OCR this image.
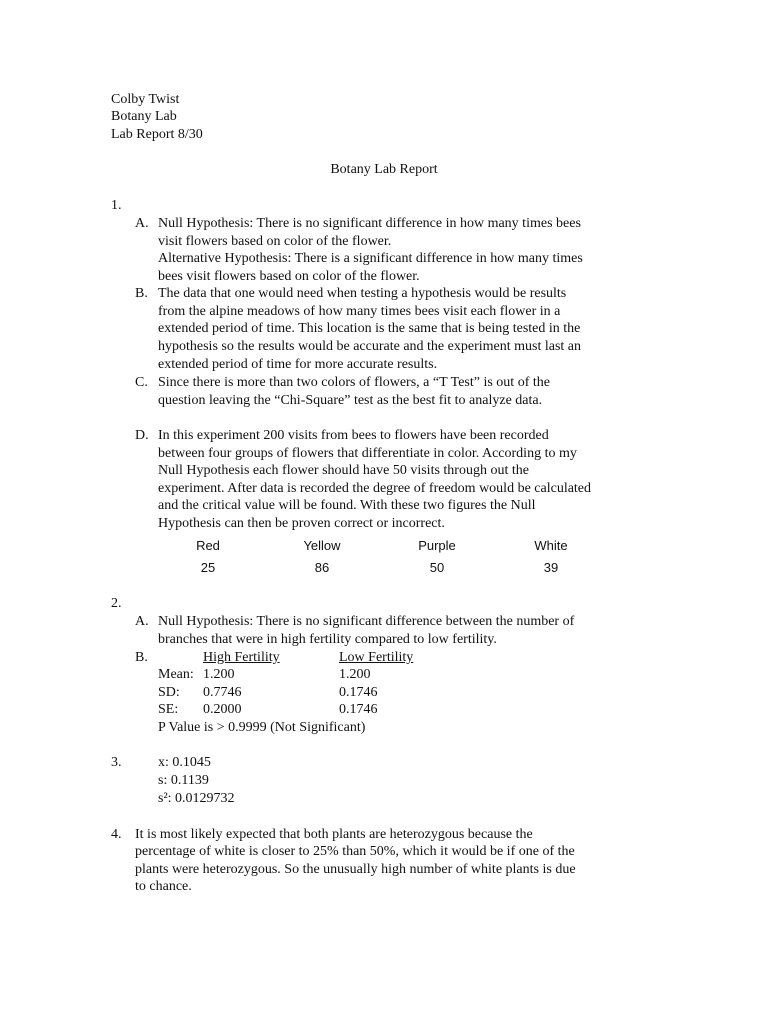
Colby Twist
Botany Lab
Lab Report 8/30
Botany Lab Report
1.
A. Null Hypothesis: There is no significant difference in how many times bees
visit flowers based on color of the flower.
Alternative Hypothesis: There is a significant difference in how many times
bees visit flowers based on color of the flower.
B. The data that one would need when testing a hypothesis would be results
from the alpine meadows of how many times bees visit each flower in a
extended period of time. This location is the same that is being tested in the
hypothesis so the results would be accurate and the experiment must last an
extended period of time for more accurate results.
C. Since there is more than two colors of flowers, a “T Test” is out of the
question leaving the “Chi-Square” test as the best fit to analyze data.
D. In this experiment 200 visits from bees to flowers have been recorded
between four groups of flowers that differentiate in color. According to my
Null Hypothesis each flower should have 50 visits through out the
experiment. After data is recorded the degree of freedom would be calculated
and the critical value will be found. With these two figures the Null
Hypothesis can then be proven correct or incorrect.
Red	Yellow	Purple	White
25	86	50	39
2.
A. Null Hypothesis: There is no significant difference between the number of
branches that were in high fertility compared to low fertility.
B.	High Fertility	Low Fertility
Mean: 1.200	1.200
SD: 0.7746	0.1746
SE: 0.2000	0.1746
P Value is > 0.9999 (Not Significant)
3.	x: 0.1045
s: 0.1139
s²: 0.0129732
4. It is most likely expected that both plants are heterozygous because the
percentage of white is closer to 25% than 50%, which it would be if one of the
plants were heterozygous. So the unusually high number of white plants is due
to chance.
